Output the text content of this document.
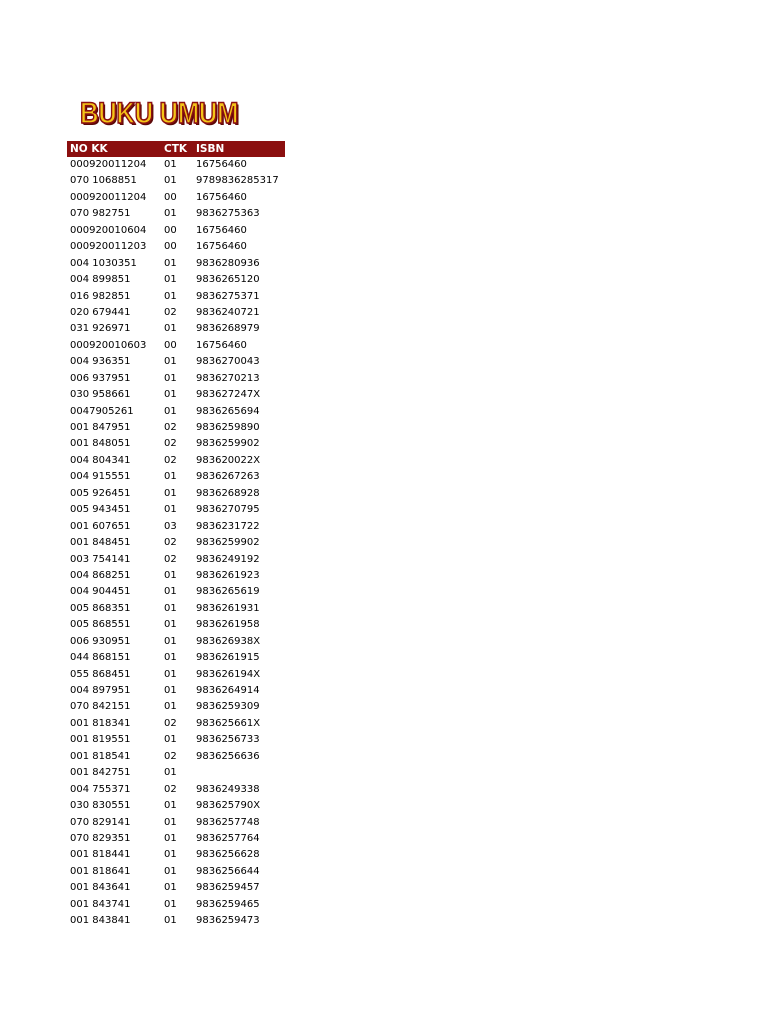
BUKU UMUM
NO KK	CTK ISBN
000920011204 01 16756460
070 1068851	01 9789836285317
000920011204 00 16756460
070 982751	01 9836275363
000920010604 00 16756460
000920011203 00 16756460
004 1030351	01 9836280936
004 899851	01 9836265120
016 982851	01 9836275371
020 679441	02 9836240721
031 926971	01 9836268979
000920010603 00 16756460
004 936351	01 9836270043
006 937951	01 9836270213
030 958661	01 983627247X
0047905261	01 9836265694
001 847951	02 9836259890
001 848051	02 9836259902
004 804341	02 983620022X
004 915551	01 9836267263
005 926451	01 9836268928
005 943451	01 9836270795
001 607651	03 9836231722
001 848451	02 9836259902
003 754141	02 9836249192
004 868251	01 9836261923
004 904451	01 9836265619
005 868351	01 9836261931
005 868551	01 9836261958
006 930951	01 983626938X
044 868151	01 9836261915
055 868451	01 983626194X
004 897951	01 9836264914
070 842151	01 9836259309
001 818341	02 983625661X
001 819551	01 9836256733
001 818541	02 9836256636
001 842751	01
004 755371	02 9836249338
030 830551	01 983625790X
070 829141	01 9836257748
070 829351	01 9836257764
001 818441	01 9836256628
001 818641	01 9836256644
001 843641	01 9836259457
001 843741	01 9836259465
001 843841	01 9836259473
